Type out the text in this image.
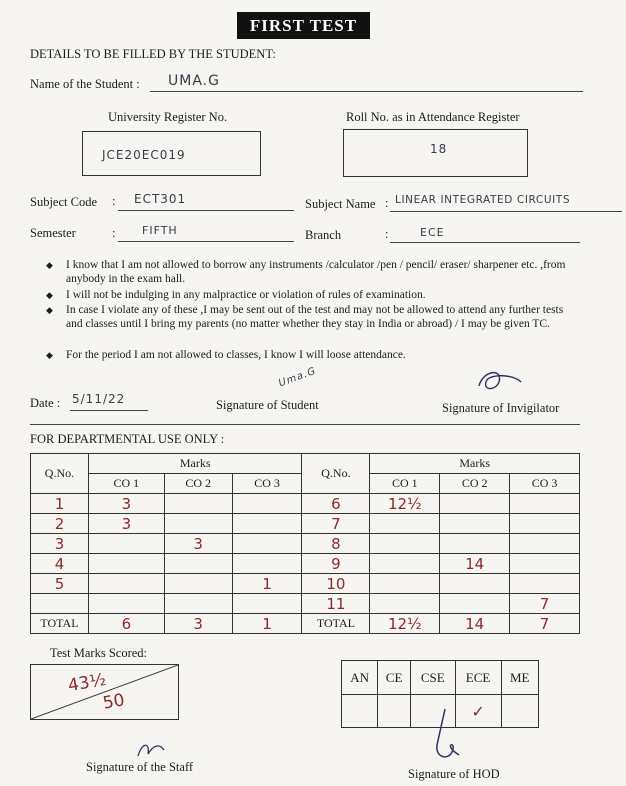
FIRST TEST
DETAILS TO BE FILLED BY THE STUDENT:
Name of the Student : UMA.G
University Register No.
JCE20EC019
Roll No. as in Attendance Register
18
Subject Code : ECT301	Subject Name : LINEAR INTEGRATED CIRCUITS
Semester	: FIFTH	Branch	:	ECE
◆ I know that I am not allowed to borrow any instruments /calculator /pen / pencil/ eraser/ sharpener etc. ,from anybody in the exam hall.
◆ I will not be indulging in any malpractice or violation of rules of examination.
◆ In case I violate any of these ,I may be sent out of the test and may not be allowed to attend any further tests and classes until I bring my parents (no matter whether they stay in India or abroad) / I may be given TC.
◆ For the period I am not allowed to classes, I know I will loose attendance.
Date : 5/11/22
Uma.G
Signature of Student	Signature of Invigilator
FOR DEPARTMENTAL USE ONLY :
Q.No.	Marks			Q.No.	Marks		
	CO 1	CO 2	CO 3		CO 1	CO 2	CO 3
1	3			6	12½		
2	3			7			
3		3		8			
4				9		14	
5			1	10			
				11			7
TOTAL	6	3	1	TOTAL	12½	14	7
Test Marks Scored:
43½
50
AN	CE	CSE	ECE	ME
			✓	
Signature of the Staff	Signature of HOD
